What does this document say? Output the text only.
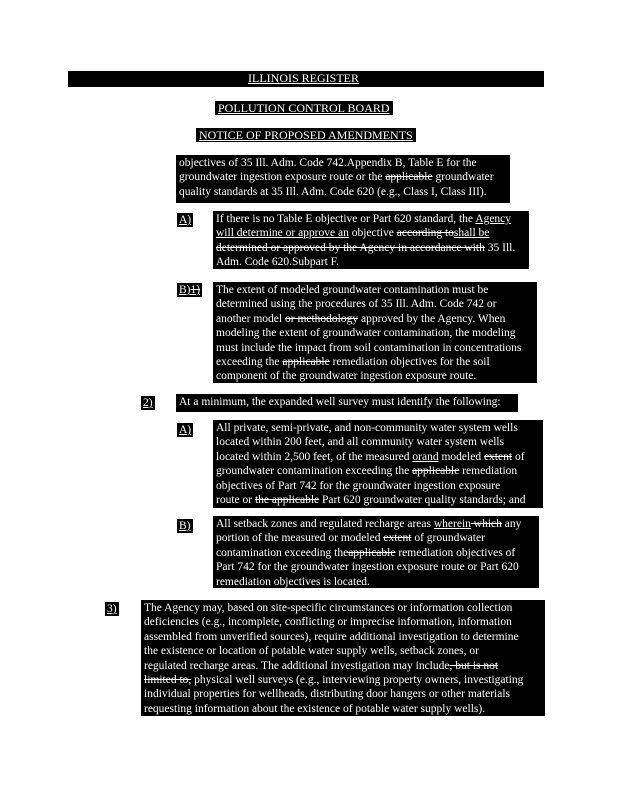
ILLINOIS REGISTER
POLLUTION CONTROL BOARD
NOTICE OF PROPOSED AMENDMENTS
objectives of 35 Ill. Adm. Code 742.Appendix B, Table E for the
groundwater ingestion exposure route or the applicable groundwater
quality standards at 35 Ill. Adm. Code 620 (e.g., Class I, Class III).
A) If there is no Table E objective or Part 620 standard, the Agency
will determine or approve an objective according toshall be
determined or approved by the Agency in accordance with 35 Ill.
Adm. Code 620.Subpart F.
B)1) The extent of modeled groundwater contamination must be
determined using the procedures of 35 Ill. Adm. Code 742 or
another model or methodology approved by the Agency. When
modeling the extent of groundwater contamination, the modeling
must include the impact from soil contamination in concentrations
exceeding the applicable remediation objectives for the soil
component of the groundwater ingestion exposure route.
2) At a minimum, the expanded well survey must identify the following:
A) All private, semi-private, and non-community water system wells
located within 200 feet, and all community water system wells
located within 2,500 feet, of the measured orand modeled extent of
groundwater contamination exceeding the applicable remediation
objectives of Part 742 for the groundwater ingestion exposure
route or the applicable Part 620 groundwater quality standards; and
B) All setback zones and regulated recharge areas wherein which any
portion of the measured or modeled extent of groundwater
contamination exceeding theapplicable remediation objectives of
Part 742 for the groundwater ingestion exposure route or Part 620
remediation objectives is located.
3) The Agency may, based on site-specific circumstances or information collection
deficiencies (e.g., incomplete, conflicting or imprecise information, information
assembled from unverified sources), require additional investigation to determine
the existence or location of potable water supply wells, setback zones, or
regulated recharge areas. The additional investigation may include, but is not
limited to, physical well surveys (e.g., interviewing property owners, investigating
individual properties for wellheads, distributing door hangers or other materials
requesting information about the existence of potable water supply wells).
